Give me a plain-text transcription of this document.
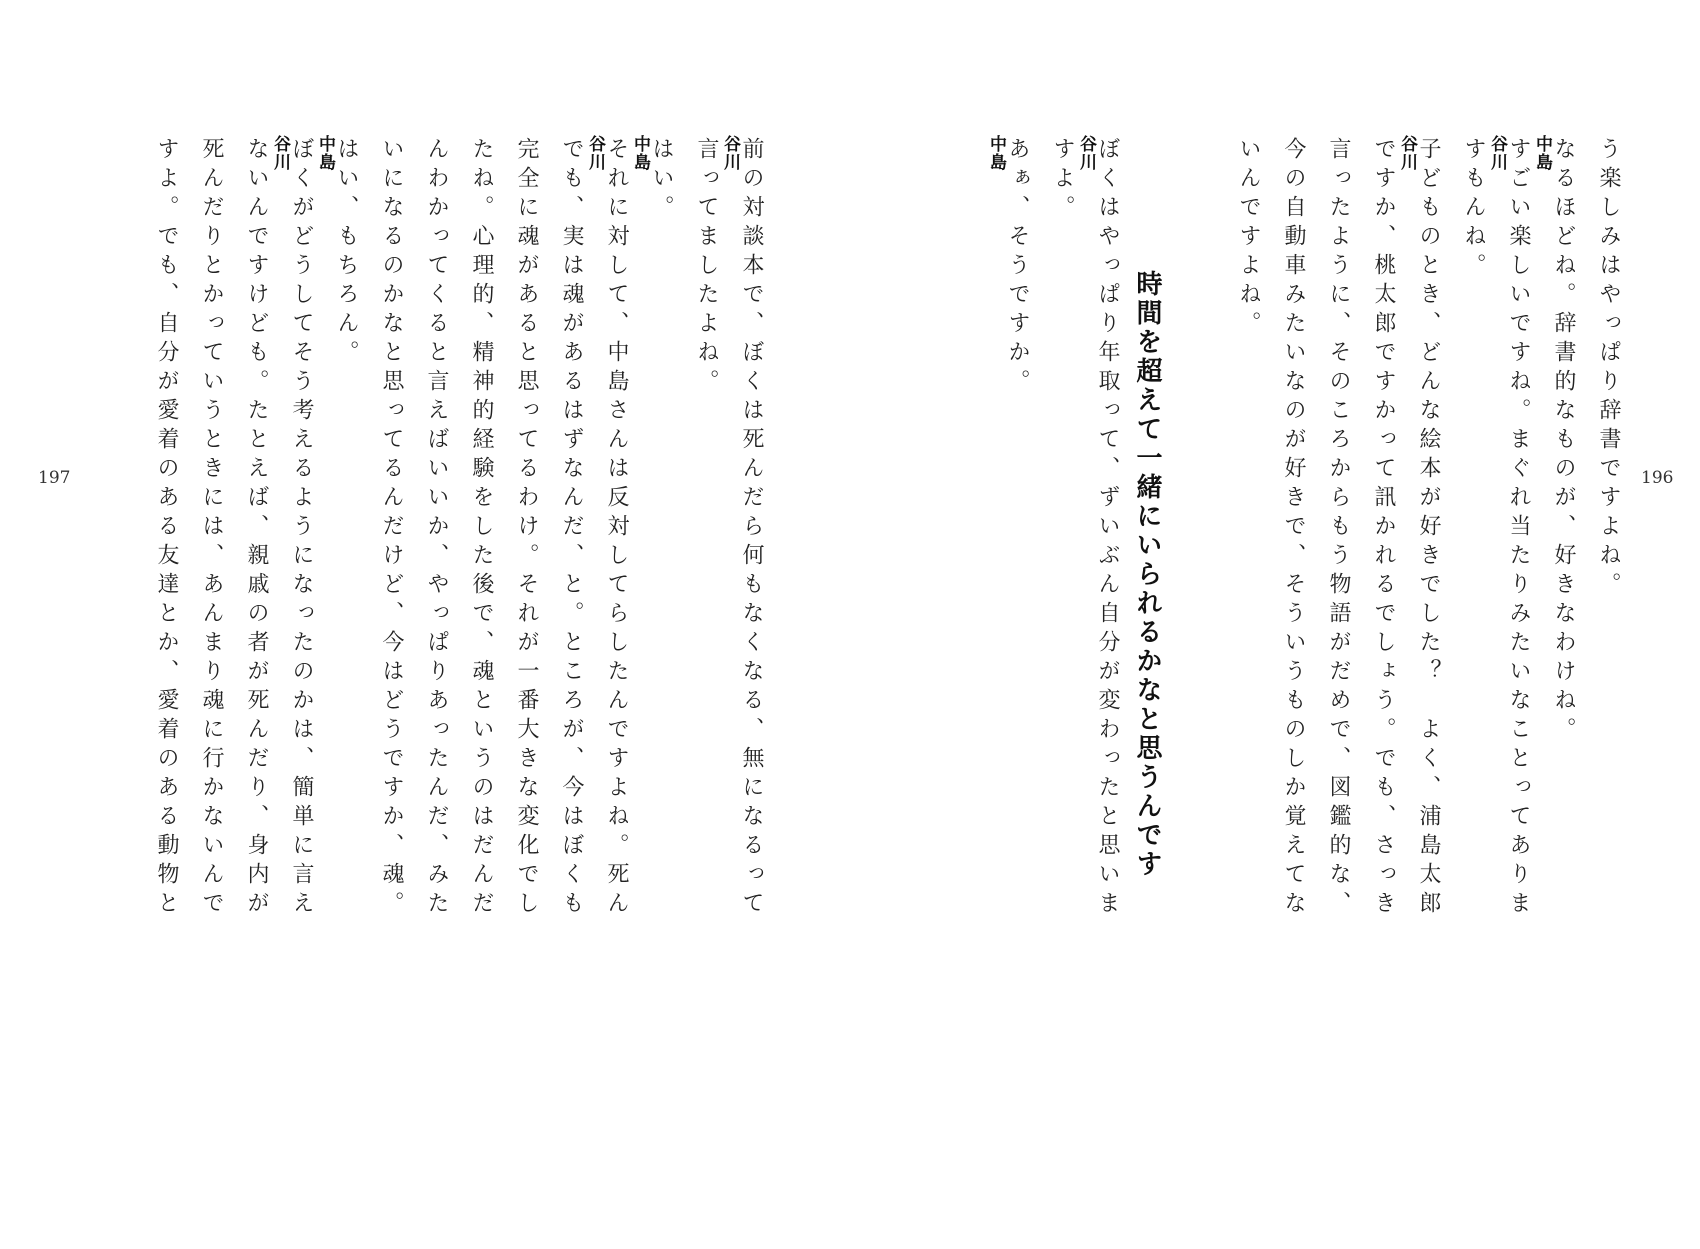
196
う楽しみはやっぱり辞書ですよね。
中島 なるほどね。辞書的なものが、好きなわけね。
谷川 すごい楽しいですね。まぐれ当たりみたいなことってありま
すもんね。
谷川 子どものとき、どんな絵本が好きでした？　よく、浦島太郎
ですか、桃太郎ですかって訊かれるでしょう。でも、さっき
言ったように、そのころからもう物語がだめで、図鑑的な、
今の自動車みたいなのが好きで、そういうものしか覚えてな
いんですよね。
時間を超えて一緒にいられるかなと思うんです
谷川 ぼくはやっぱり年取って、ずいぶん自分が変わったと思いま
すよ。
中島 あぁ、そうですか。
197
谷川 前の対談本で、ぼくは死んだら何もなくなる、無になるって
言ってましたよね。
中島 はい。
谷川 それに対して、中島さんは反対してらしたんですよね。死ん
でも、実は魂があるはずなんだ、と。ところが、今はぼくも
完全に魂があると思ってるわけ。それが一番大きな変化でし
たね。心理的、精神的経験をした後で、魂というのはだんだ
んわかってくると言えばいいか、やっぱりあったんだ、みた
いになるのかなと思ってるんだけど、今はどうですか、魂。
中島 はい、もちろん。
谷川 ぼくがどうしてそう考えるようになったのかは、簡単に言え
ないんですけども。たとえば、親戚の者が死んだり、身内が
死んだりとかっていうときには、あんまり魂に行かないんで
すよ。でも、自分が愛着のある友達とか、愛着のある動物と
